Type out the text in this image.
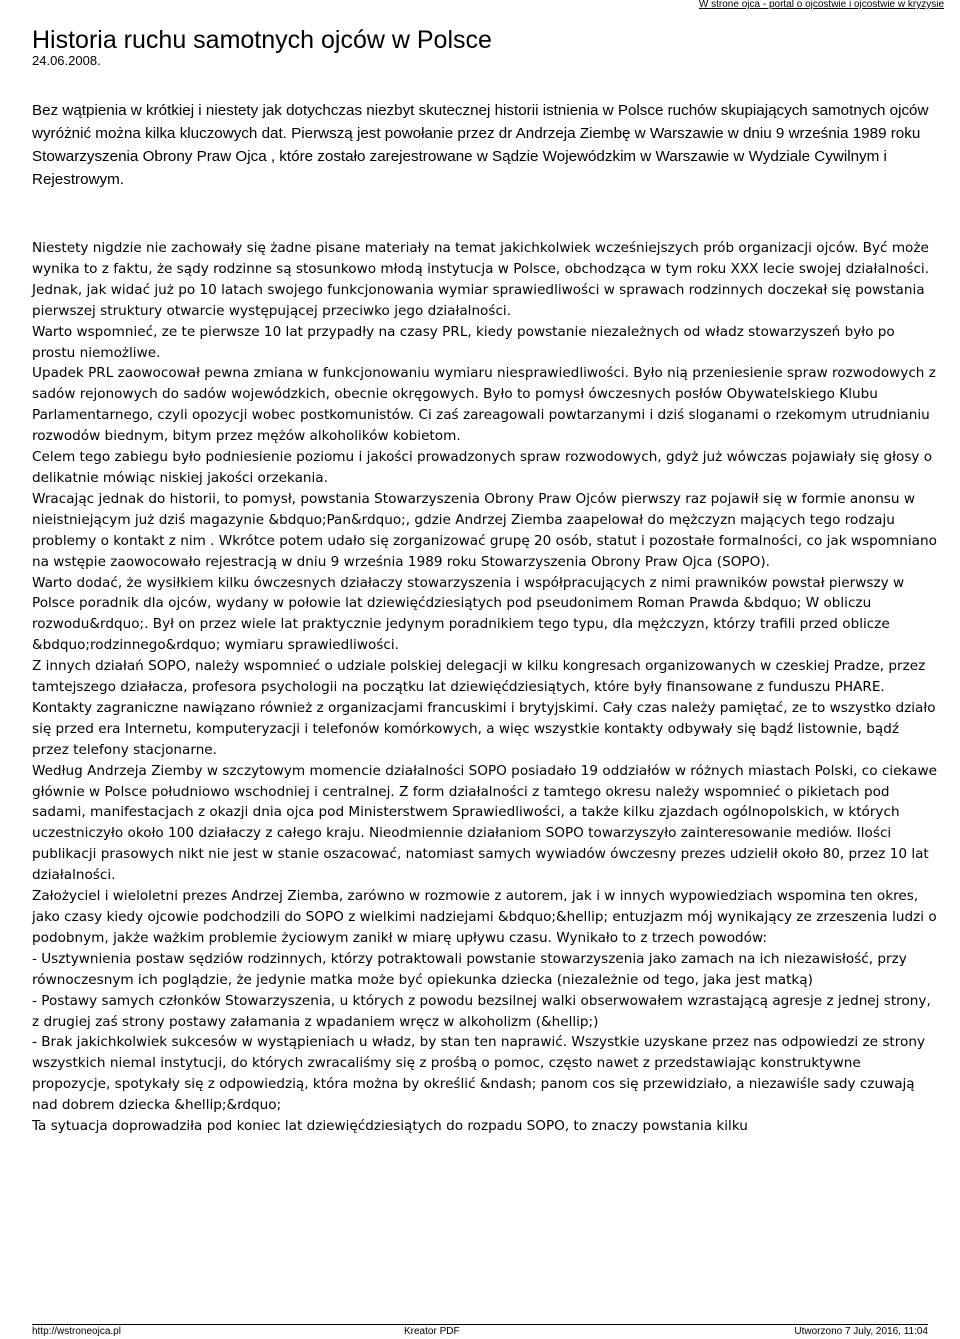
W strone ojca - portal o ojcostwie i ojcostwie w kryzysie
Historia ruchu samotnych ojców w Polsce
24.06.2008.

Bez wątpienia w krótkiej i niestety jak dotychczas niezbyt skutecznej historii istnienia w Polsce ruchów skupiających samotnych ojców wyróżnić można kilka kluczowych dat. Pierwszą jest powołanie przez dr Andrzeja Ziembę w Warszawie w dniu 9 września 1989 roku Stowarzyszenia Obrony Praw Ojca , które zostało zarejestrowane w Sądzie Wojewódzkim w Warszawie w Wydziale Cywilnym i Rejestrowym.

Niestety nigdzie nie zachowały się żadne pisane materiały na temat jakichkolwiek wcześniejszych prób organizacji ojców. Być może wynika to z faktu, że sądy rodzinne są stosunkowo młodą instytucja w Polsce, obchodząca w tym roku XXX lecie swojej działalności.

Jednak, jak widać już po 10 latach swojego funkcjonowania wymiar sprawiedliwości w sprawach rodzinnych doczekał się powstania pierwszej struktury otwarcie występującej przeciwko jego działalności.

Warto wspomnieć, ze te pierwsze 10 lat przypadły na czasy PRL, kiedy powstanie niezależnych od władz stowarzyszeń było po prostu niemożliwe.

Upadek PRL zaowocował pewna zmiana w funkcjonowaniu wymiaru niesprawiedliwości. Było nią przeniesienie spraw rozwodowych z sadów rejonowych do sadów wojewódzkich, obecnie okręgowych. Było to pomysł ówczesnych posłów Obywatelskiego Klubu Parlamentarnego, czyli opozycji wobec postkomunistów. Ci zaś zareagowali powtarzanymi i dziś sloganami o rzekomym utrudnianiu rozwodów biednym, bitym przez mężów alkoholików kobietom.

Celem tego zabiegu było podniesienie poziomu i jakości prowadzonych spraw rozwodowych, gdyż już wówczas pojawiały się głosy o delikatnie mówiąc niskiej jakości orzekania.

Wracając jednak do historii, to pomysł, powstania Stowarzyszenia Obrony Praw Ojców pierwszy raz pojawił się w formie anonsu w nieistniejącym już dziś magazynie &bdquo;Pan&rdquo;, gdzie Andrzej Ziemba zaapelował do mężczyzn mających tego rodzaju problemy o kontakt z nim . Wkrótce potem udało się zorganizować grupę 20 osób, statut i pozostałe formalności, co jak wspomniano na wstępie zaowocowało rejestracją w dniu 9 września 1989 roku Stowarzyszenia Obrony Praw Ojca (SOPO).

Warto dodać, że wysiłkiem kilku ówczesnych działaczy stowarzyszenia i współpracujących z nimi prawników powstał pierwszy w Polsce poradnik dla ojców, wydany w połowie lat dziewięćdziesiątych pod pseudonimem Roman Prawda &bdquo; W obliczu rozwodu&rdquo;. Był on przez wiele lat praktycznie jedynym poradnikiem tego typu, dla mężczyzn, którzy trafili przed oblicze &bdquo;rodzinnego&rdquo; wymiaru sprawiedliwości.

Z innych działań SOPO, należy wspomnieć o udziale polskiej delegacji w kilku kongresach organizowanych w czeskiej Pradze, przez tamtejszego działacza, profesora psychologii na początku lat dziewięćdziesiątych, które były finansowane z funduszu PHARE. Kontakty zagraniczne nawiązano również z organizacjami francuskimi i brytyjskimi. Cały czas należy pamiętać, ze to wszystko działo się przed era Internetu, komputeryzacji i telefonów komórkowych, a więc wszystkie kontakty odbywały się bądź listownie, bądź przez telefony stacjonarne.

Według Andrzeja Ziemby w szczytowym momencie działalności SOPO posiadało 19 oddziałów w różnych miastach Polski, co ciekawe głównie w Polsce południowo wschodniej i centralnej. Z form działalności z tamtego okresu należy wspomnieć o pikietach pod sadami, manifestacjach z okazji dnia ojca pod Ministerstwem Sprawiedliwości, a także kilku zjazdach ogólnopolskich, w których uczestniczyło około 100 działaczy z całego kraju. Nieodmiennie działaniom SOPO towarzyszyło zainteresowanie mediów. Ilości publikacji prasowych nikt nie jest w stanie oszacować, natomiast samych wywiadów ówczesny prezes udzielił około 80, przez 10 lat działalności.

Założyciel i wieloletni prezes Andrzej Ziemba, zarówno w rozmowie z autorem, jak i w innych wypowiedziach wspomina ten okres, jako czasy kiedy ojcowie podchodzili do SOPO z wielkimi nadziejami &bdquo;&hellip; entuzjazm mój wynikający ze zrzeszenia ludzi o podobnym, jakże ważkim problemie życiowym zanikł w miarę upływu czasu. Wynikało to z trzech powodów:

- Usztywnienia postaw sędziów rodzinnych, którzy potraktowali powstanie stowarzyszenia jako zamach na ich niezawisłość, przy równoczesnym ich poglądzie, że jedynie matka może być opiekunka dziecka (niezależnie od tego, jaka jest matką)

- Postawy samych członków Stowarzyszenia, u których z powodu bezsilnej walki obserwowałem wzrastającą agresje z jednej strony, z drugiej zaś strony postawy załamania z wpadaniem wręcz w alkoholizm (&hellip;)

- Brak jakichkolwiek sukcesów w wystąpieniach u władz, by stan ten naprawić. Wszystkie uzyskane przez nas odpowiedzi ze strony wszystkich niemal instytucji, do których zwracaliśmy się z prośbą o pomoc, często nawet z przedstawiając konstruktywne propozycje, spotykały się z odpowiedzią, która można by określić &ndash; panom cos się przewidziało, a niezawiśle sady czuwają nad dobrem dziecka &hellip;&rdquo;

Ta sytuacja doprowadziła pod koniec lat dziewięćdziesiątych do rozpadu SOPO, to znaczy powstania kilku

http://wstroneojca.pl	Kreator PDF	Utworzono 7 July, 2016, 11:04
